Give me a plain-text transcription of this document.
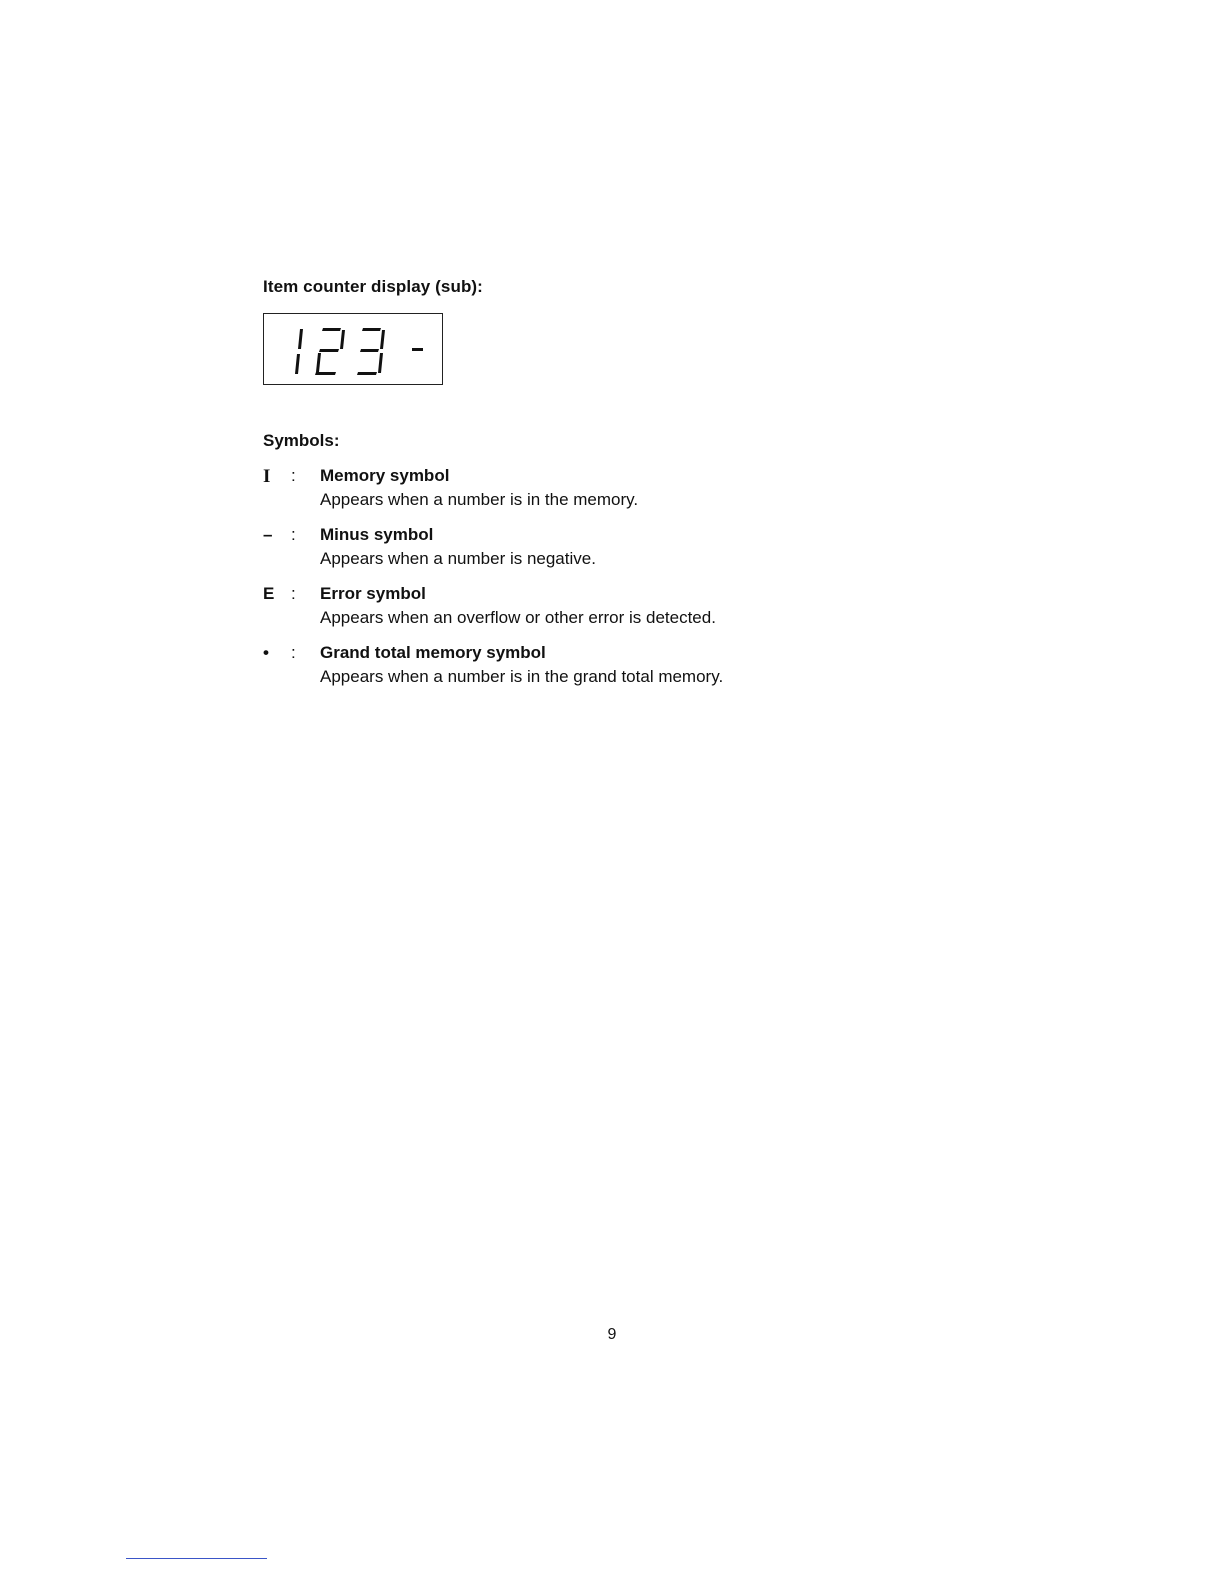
Item counter display (sub):
Symbols:
I	: Memory symbol
Appears when a number is in the memory.
–	: Minus symbol
Appears when a number is negative.
E : Error symbol
Appears when an overflow or other error is detected.
•	: Grand total memory symbol
Appears when a number is in the grand total memory.
9
